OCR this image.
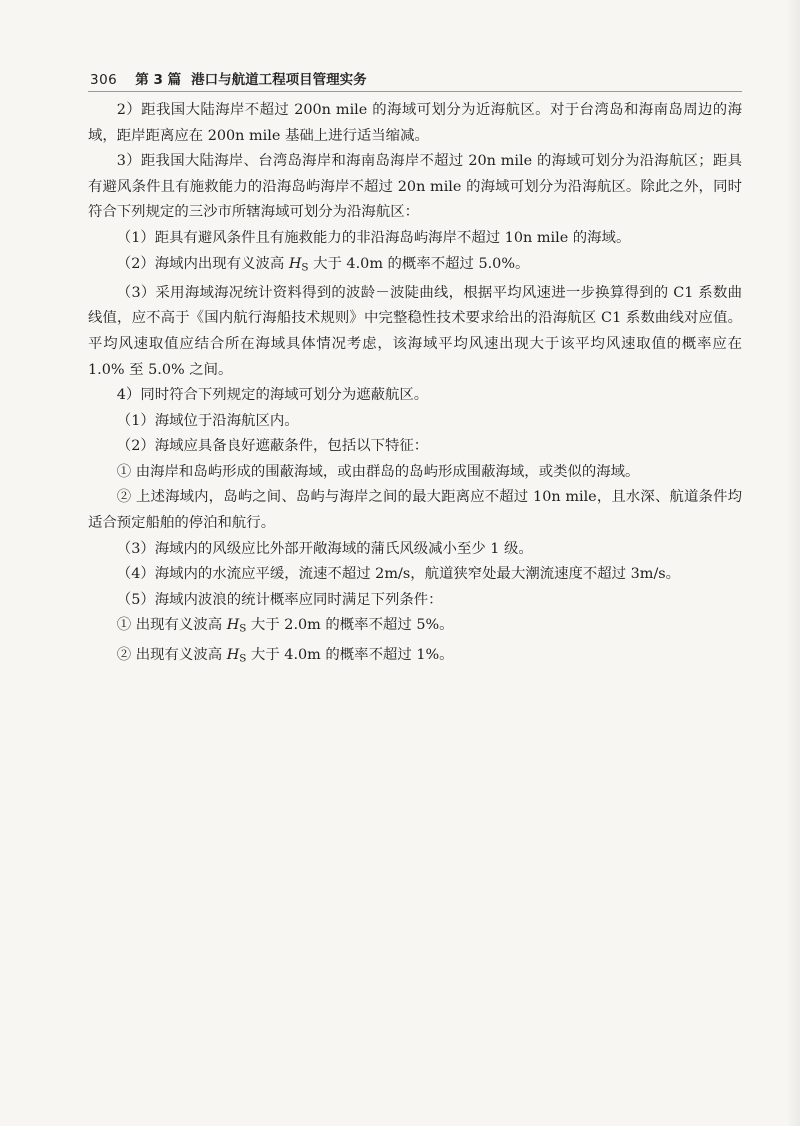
306 第 3 篇 港口与航道工程项目管理实务

2）距我国大陆海岸不超过 200n mile 的海域可划分为近海航区。对于台湾岛和海南岛周边的海域，距岸距离应在 200n mile 基础上进行适当缩减。

3）距我国大陆海岸、台湾岛海岸和海南岛海岸不超过 20n mile 的海域可划分为沿海航区；距具有避风条件且有施救能力的沿海岛屿海岸不超过 20n mile 的海域可划分为沿海航区。除此之外，同时符合下列规定的三沙市所辖海域可划分为沿海航区：

（1）距具有避风条件且有施救能力的非沿海岛屿海岸不超过 10n mile 的海域。

（2）海域内出现有义波高 $H_S$ 大于 4.0m 的概率不超过 5.0%。

（3）采用海域海况统计资料得到的波龄－波陡曲线，根据平均风速进一步换算得到的 C1 系数曲线值，应不高于《国内航行海船技术规则》中完整稳性技术要求给出的沿海航区 C1 系数曲线对应值。平均风速取值应结合所在海域具体情况考虑，该海域平均风速出现大于该平均风速取值的概率应在 1.0% 至 5.0% 之间。

4）同时符合下列规定的海域可划分为遮蔽航区。

（1）海域位于沿海航区内。

（2）海域应具备良好遮蔽条件，包括以下特征：

① 由海岸和岛屿形成的围蔽海域，或由群岛的岛屿形成围蔽海域，或类似的海域。

② 上述海域内，岛屿之间、岛屿与海岸之间的最大距离应不超过 10n mile，且水深、航道条件均适合预定船舶的停泊和航行。

（3）海域内的风级应比外部开敞海域的蒲氏风级减小至少 1 级。

（4）海域内的水流应平缓，流速不超过 2m/s，航道狭窄处最大潮流速度不超过 3m/s。

（5）海域内波浪的统计概率应同时满足下列条件：

① 出现有义波高 $H_S$ 大于 2.0m 的概率不超过 5%。

② 出现有义波高 $H_S$ 大于 4.0m 的概率不超过 1%。
